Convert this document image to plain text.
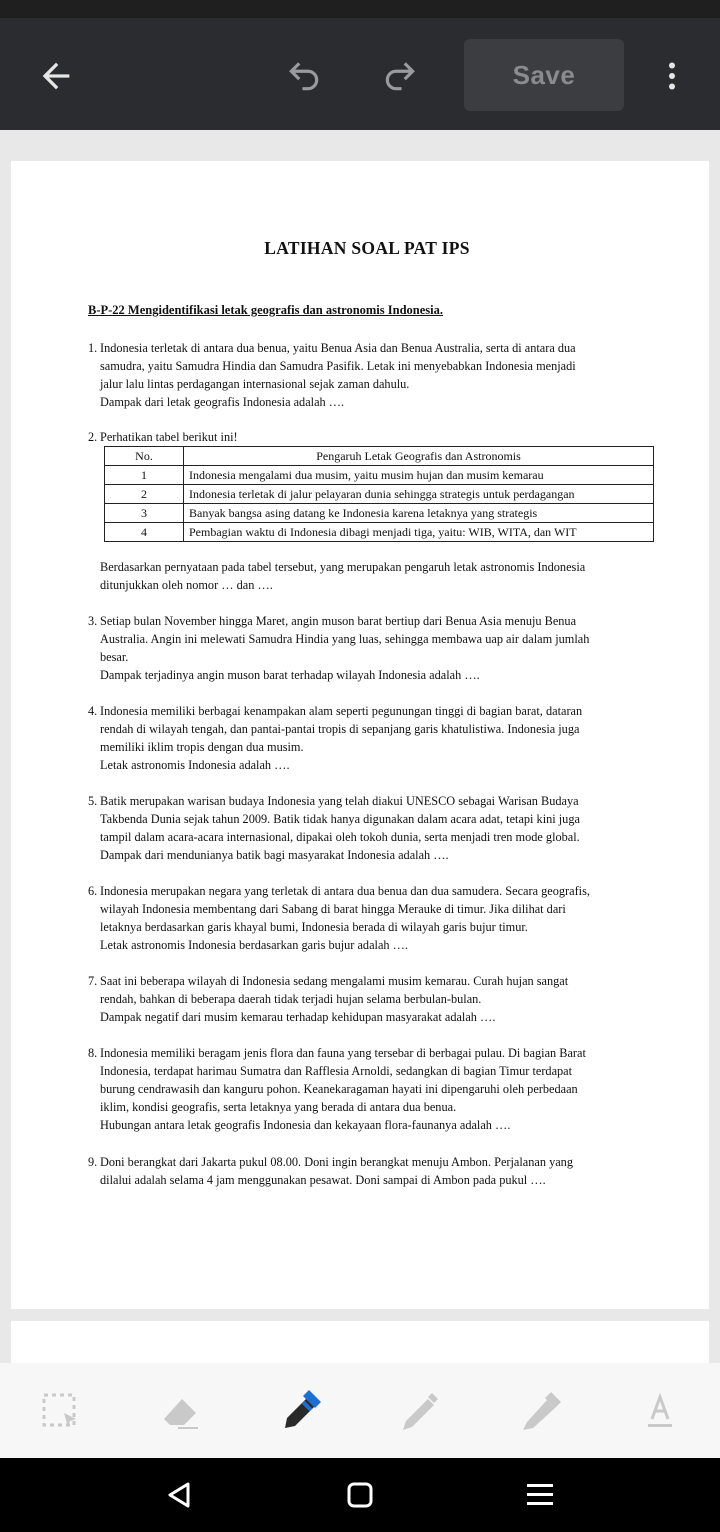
Save
LATIHAN SOAL PAT IPS
B-P-22 Mengidentifikasi letak geografis dan astronomis Indonesia.
1. Indonesia terletak di antara dua benua, yaitu Benua Asia dan Benua Australia, serta di antara dua
samudra, yaitu Samudra Hindia dan Samudra Pasifik. Letak ini menyebabkan Indonesia menjadi
jalur lalu lintas perdagangan internasional sejak zaman dahulu.
Dampak dari letak geografis Indonesia adalah ….
2. Perhatikan tabel berikut ini!
No.	Pengaruh Letak Geografis dan Astronomis
1	Indonesia mengalami dua musim, yaitu musim hujan dan musim kemarau
2	Indonesia terletak di jalur pelayaran dunia sehingga strategis untuk perdagangan
3	Banyak bangsa asing datang ke Indonesia karena letaknya yang strategis
4	Pembagian waktu di Indonesia dibagi menjadi tiga, yaitu: WIB, WITA, dan WIT
Berdasarkan pernyataan pada tabel tersebut, yang merupakan pengaruh letak astronomis Indonesia
ditunjukkan oleh nomor … dan ….
3. Setiap bulan November hingga Maret, angin muson barat bertiup dari Benua Asia menuju Benua
Australia. Angin ini melewati Samudra Hindia yang luas, sehingga membawa uap air dalam jumlah
besar.
Dampak terjadinya angin muson barat terhadap wilayah Indonesia adalah ….
4. Indonesia memiliki berbagai kenampakan alam seperti pegunungan tinggi di bagian barat, dataran
rendah di wilayah tengah, dan pantai-pantai tropis di sepanjang garis khatulistiwa. Indonesia juga
memiliki iklim tropis dengan dua musim.
Letak astronomis Indonesia adalah ….
5. Batik merupakan warisan budaya Indonesia yang telah diakui UNESCO sebagai Warisan Budaya
Takbenda Dunia sejak tahun 2009. Batik tidak hanya digunakan dalam acara adat, tetapi kini juga
tampil dalam acara-acara internasional, dipakai oleh tokoh dunia, serta menjadi tren mode global.
Dampak dari mendunianya batik bagi masyarakat Indonesia adalah ….
6. Indonesia merupakan negara yang terletak di antara dua benua dan dua samudera. Secara geografis,
wilayah Indonesia membentang dari Sabang di barat hingga Merauke di timur. Jika dilihat dari
letaknya berdasarkan garis khayal bumi, Indonesia berada di wilayah garis bujur timur.
Letak astronomis Indonesia berdasarkan garis bujur adalah ….
7. Saat ini beberapa wilayah di Indonesia sedang mengalami musim kemarau. Curah hujan sangat
rendah, bahkan di beberapa daerah tidak terjadi hujan selama berbulan-bulan.
Dampak negatif dari musim kemarau terhadap kehidupan masyarakat adalah ….
8. Indonesia memiliki beragam jenis flora dan fauna yang tersebar di berbagai pulau. Di bagian Barat
Indonesia, terdapat harimau Sumatra dan Rafflesia Arnoldi, sedangkan di bagian Timur terdapat
burung cendrawasih dan kanguru pohon. Keanekaragaman hayati ini dipengaruhi oleh perbedaan
iklim, kondisi geografis, serta letaknya yang berada di antara dua benua.
Hubungan antara letak geografis Indonesia dan kekayaan flora-faunanya adalah ….
9. Doni berangkat dari Jakarta pukul 08.00. Doni ingin berangkat menuju Ambon. Perjalanan yang
dilalui adalah selama 4 jam menggunakan pesawat. Doni sampai di Ambon pada pukul ….
